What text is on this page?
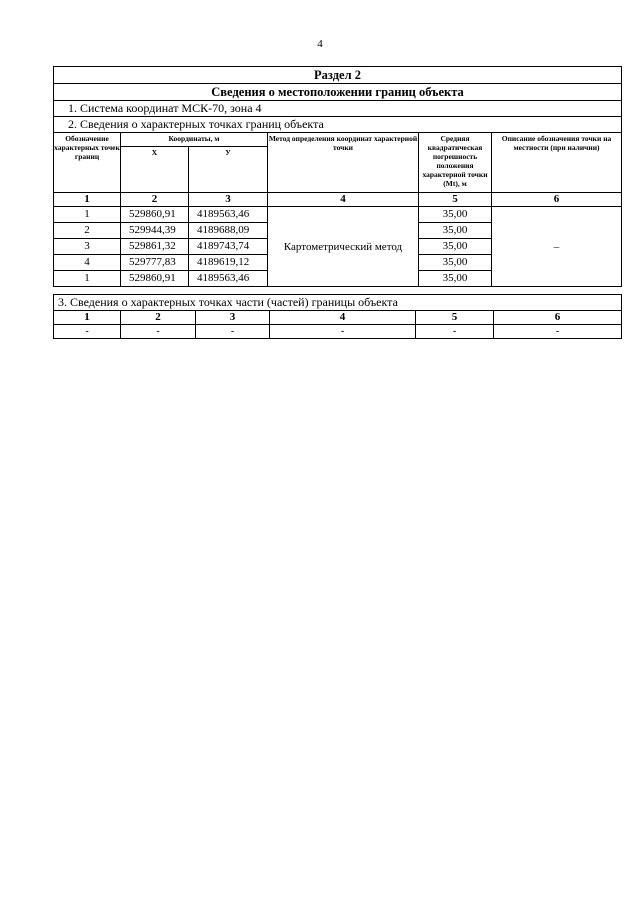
4
Раздел 2					
Сведения о местоположении границ объекта					
1. Система координат МСК-70, зона 4					
2. Сведения о характерных точках границ объекта					
Обозначение характерных точек границ	Координаты, м		Метод определения координат характерной точки	Средняя квадратическая погрешность положения характерной точки (Mt), м	Описание обозначения точки на местности (при наличии)
	X	У			
1	2	3	4	5	6
1	529860,91	4189563,46	Картометрический метод	35,00	–
2	529944,39	4189688,09		35,00	
3	529861,32	4189743,74		35,00	
4	529777,83	4189619,12		35,00	
1	529860,91	4189563,46		35,00	
3. Сведения о характерных точках части (частей) границы объекта					
1	2	3	4	5	6
-	-	-	-	-	-
